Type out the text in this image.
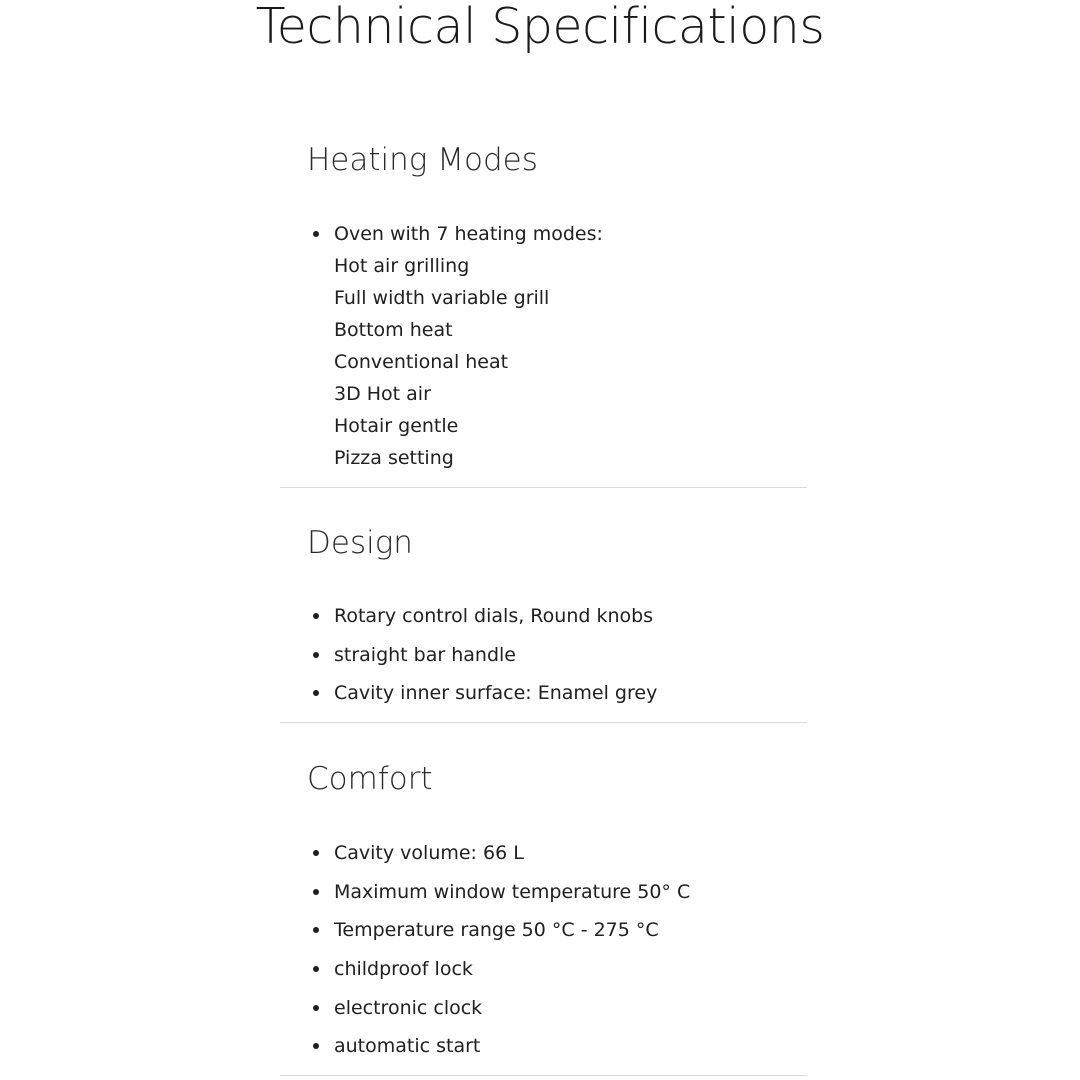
Technical Specifications
Heating Modes
Oven with 7 heating modes:
Hot air grilling
Full width variable grill
Bottom heat
Conventional heat
3D Hot air
Hotair gentle
Pizza setting
Design
Rotary control dials, Round knobs
straight bar handle
Cavity inner surface: Enamel grey
Comfort
Cavity volume: 66 L
Maximum window temperature 50° C
Temperature range 50 °C - 275 °C
childproof lock
electronic clock
automatic start
